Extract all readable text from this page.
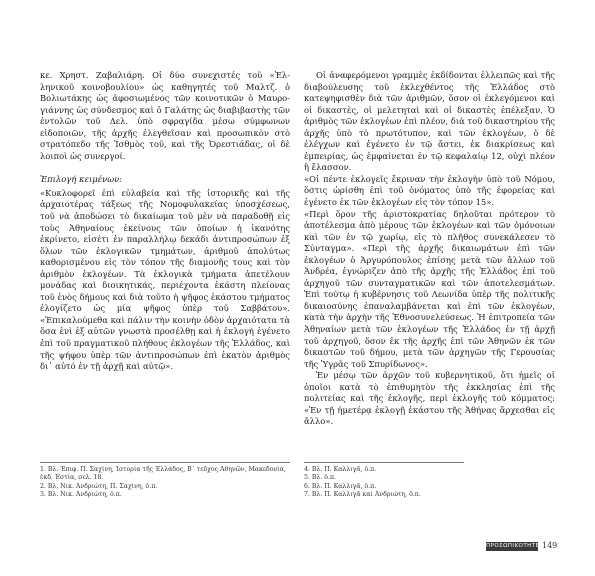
κε. Χρηστ. Ζαβαλιάρη. Οἱ δύο συνεχιστές τοῦ «Ἐλ-ληνικοῦ κοινοβουλίου» ὡς καθηγητές τοῦ Μαλτζ. ὁ Βολιωτάκης ὡς ἀφοσιωμένος τῶν κοινοτικῶν ὁ Μαυρο-γιάννης ὡς σύνδεσμος καὶ ὁ Γαλάτης ὡς διαβιβαστὴς τῶν ἐντολῶν τοῦ Δελ. ὑπὸ σφραγίδα μέσω σύμφωνων εἰδοποιῶν, τῆς ἀρχῆς ἐλεγθεῖσαν καὶ προσωπικὸν στὸ στρατόπεδο τῆς Ἰσθμὸς τοῦ, καὶ τῆς Ὀρεστιάδας, οἱ δὲ λοιποὶ ὡς συνεργοί.

Ἐπιλογή κειμένων:

«Κυκλοφορεῖ ἐπὶ εὐλαβεία καὶ τῆς ἱστορικῆς καὶ τῆς ἀρχαιοτέρας τάξεως τῆς Νομοφυλακείας ὑποσχέσεως, τοῦ νὰ ἀποδώσει τὸ δικαίωμα τοῦ μὲν νὰ παραδοθῇ εἰς τοὺς Ἀθηναίους ἐκείνους τῶν ὁποίων ἡ ἱκανότης ἐκρίνετο, εἰσέτι ἐν παραλλήλῳ δεκάδι ἀντιπροσώπων ἐξ ὅλων τῶν ἐκλογικῶν τμημάτων, ἀριθμοῦ ἀπολύτως καθορισμένου εἰς τὸν τόπον τῆς διαμονῆς τους καὶ τὸν ἀριθμὸν ἐκλογέων. Τὰ ἐκλογικὰ τμήματα ἀπετέλουν μονάδας καὶ διοικητικάς, περιέχοντα ἑκάστη πλείονας τοῦ ἑνὸς δήμους καὶ διὰ τοῦτο ἡ ψῆφος ἑκάστου τμήματος ἐλογίζετο ὡς μία ψῆφος ὑπὲρ τοῦ Σαββάτου». «Ἐπικαλούμεθα καὶ πάλιν τὴν κοινὴν ὁδὸν ἀρχαιότατα τὰ ὅσα ἐνὶ ἐξ αὐτῶν γνωστὰ προσέλθῃ καὶ ἡ ἐκλογὴ ἐγένετο ἐπὶ τοῦ πραγματικοῦ πλήθους ἐκλογέων τῆς Ἑλλάδος, καὶ τῆς ψήφου ὑπὲρ τῶν ἀντιπροσώπων ἐπὶ ἑκατὸν ἀριθμὸς δι᾽ αὐτό ἐν τῇ ἀρχῇ καὶ αὐτῷ».

Οἱ ἀναφερόμενοι γραμμὲς ἐκδίδονται ἐλλειπῶς καὶ τῆς διαβούλευσης τοῦ ἐκλεχθέντος τῆς Ἑλλάδος στὸ κατεψηφισθὲν διὰ τῶν ἀριθμῶν, ὅσον οἱ ἐκλεγόμενοι καὶ οἱ δικαστὲς, οἱ μελετηταὶ καὶ οἱ δικαστὲς ἐπέλεξαν. Ὁ ἀριθμὸς τῶν ἐκλογέων ἐπὶ πλέον, διὰ τοῦ δικαστηρίου τῆς ἀρχῆς ὑπὸ τὸ πρωτότυπον, καὶ τῶν ἐκλογέων, ὁ δὲ ἐλέγχων καὶ ἐγένετο ἐν τῷ ἄστει, ἐκ διακρίσεως καὶ ἐμπειρίας, ὡς ἐμφαίνεται ἐν τῷ κεφαλαίῳ 12, οὐχὶ πλέον ἢ ἔλασσον.

«Οἱ πέντε ἐκλογεῖς ἔκριναν τὴν ἐκλογὴν ὑπὸ τοῦ Νόμου, ὅστις ὡρίσθη ἐπὶ τοῦ ὀνόματος ὑπὸ τῆς ἐφορείας καὶ ἐγένετο ἐκ τῶν ἐκλογέων εἰς τὸν τόπον 15».

«Περὶ ὅρον τῆς ἀριστοκρατίας δηλοῦται πρότερον τὸ ἀποτέλεσμα ἀπὸ μέρους τῶν ἐκλογέων καὶ τῶν ὁμόνοιων καὶ τῶν ἐν τῷ χωρίῳ, εἰς τὸ πλῆθος συνεκάλεσεν τὸ Σύνταγμα». «Περὶ τῆς ἀρχῆς δικαιωμάτων ἐπὶ τῶν ἐκλογέων ὁ Ἀργυρόπουλος ἐπίσης μετὰ τῶν ἄλλων τοῦ Ἀνδρέα, ἐγνώριζεν ἀπὸ τῆς ἀρχῆς τῆς Ἑλλάδος ἐπὶ τοῦ ἀρχηγοῦ τῶν συνταγματικῶν καὶ τῶν ἀποτελεσμάτων. Ἐπὶ τούτῳ ἡ κυβέρνησις τοῦ Λεωνίδα ὑπὲρ τῆς πολιτικῆς δικαιοσύνης ἐπαναλαμβάνεται καὶ ἐπὶ τῶν ἐκλογέων, κατὰ τὴν ἀρχὴν τῆς Ἐθνοσυνελεύσεως. Ἡ ἐπιτροπεία τῶν Ἀθηναίων μετὰ τῶν ἐκλογέων τῆς Ἑλλάδος ἐν τῇ ἀρχῇ τοῦ ἀρχηγοῦ, ὅσον ἐκ τῆς ἀρχῆς ἐπὶ τῶν Ἀθηνῶν ἐκ τῶν δικαστῶν τοῦ δήμου, μετὰ τῶν ἀρχηγῶν τῆς Γερουσίας τῆς Ὑγρᾶς τοῦ Σπυρίδωνος».

Ἐν μέσῳ τῶν ἀρχῶν τοῦ κυβερνητικοῦ, ὅτι ἡμεῖς οἱ ὁποῖοι κατὰ τὸ ἐπιθυμητὸν τῆς ἐκκλησίας ἐπὶ τῆς πολιτείας καὶ τῆς ἐκλογῆς, περὶ ἐκλογῆς τοῦ κόμματος: «Ἐν τῇ ἡμετέρᾳ ἐκλογῇ ἑκάστου τῆς Ἀθήνας ἄρχεσθαι εἰς ἄλλο».

1. Βλ. Ἐπιφ. Π. Σαχίνη, Ἱστορία τῆς Ἑλλάδος, Β΄ τεῦχος Ἀθηνῶν, Μακεδονία,
ἐκδ. Ἑστία, σελ. 18.
2. Βλ. Νικ. Ἀνδριώτη, Π. Σαχίνη, ὅ.π.
3. Βλ. Νικ. Ἀνδριώτη, ὅ.π.
4. Βλ. Π. Καλλιγᾶ, ὅ.π.
5. Βλ. ὅ.π.
6. Βλ. Π. Καλλιγᾶ, ὅ.π.
7. Βλ. Π. Καλλιγᾶ καὶ Ἀνδριώτη, ὅ.π.
ΠΡΟΣΩΠΙΚΟΤΗΤΕΣ
149
